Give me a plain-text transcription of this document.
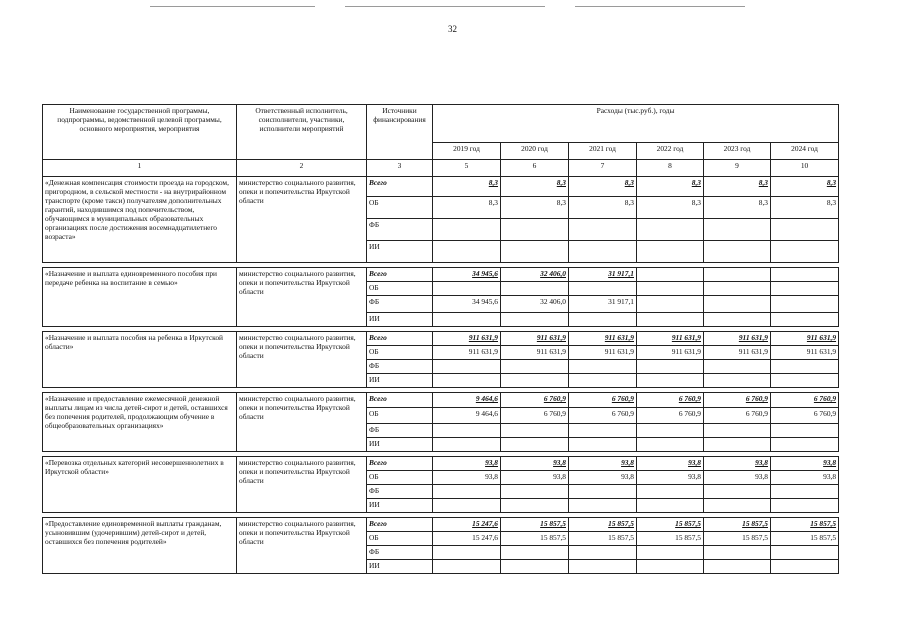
32
Наименование государственной программы, подпрограммы, ведомственной целевой программы, основного мероприятия, мероприятия	Ответственный исполнитель, соисполнители, участники, исполнители мероприятий	Источники финансирования	Расходы (тыс.руб.), годы					
			2019 год	2020 год	2021 год	2022 год	2023 год	2024 год
1	2	3	5	6	7	8	9	10
«Денежная компенсация стоимости проезда на городском, пригородном, в сельской местности - на внутрирайонном транспорте (кроме такси) получателям дополнительных гарантий, находившимся под попечительством, обучающимся в муниципальных образовательных организациях после достижения восемнадцатилетнего возраста»	министерство социального развития, опеки и попечительства Иркутской области	Всего	8,3	8,3	8,3	8,3	8,3	8,3
		ОБ	8,3	8,3	8,3	8,3	8,3	8,3
		ФБ						
		ИИ						

«Назначение и выплата единовременного пособия при передаче ребенка на воспитание в семью»	министерство социального развития, опеки и попечительства Иркутской области	Всего	34 945,6	32 406,0	31 917,1			
		ОБ						
		ФБ	34 945,6	32 406,0	31 917,1			
		ИИ						

«Назначение и выплата пособия на ребенка в Иркутской области»	министерство социального развития, опеки и попечительства Иркутской области	Всего	911 631,9	911 631,9	911 631,9	911 631,9	911 631,9	911 631,9
		ОБ	911 631,9	911 631,9	911 631,9	911 631,9	911 631,9	911 631,9
		ФБ						
		ИИ						

«Назначение и предоставление ежемесячной денежной выплаты лицам из числа детей-сирот и детей, оставшихся без попечения родителей, продолжающим обучение в общеобразовательных организациях»	министерство социального развития, опеки и попечительства Иркутской области	Всего	9 464,6	6 760,9	6 760,9	6 760,9	6 760,9	6 760,9
		ОБ	9 464,6	6 760,9	6 760,9	6 760,9	6 760,9	6 760,9
		ФБ						
		ИИ						

«Перевозка отдельных категорий несовершеннолетних в Иркутской области»	министерство социального развития, опеки и попечительства Иркутской области	Всего	93,8	93,8	93,8	93,8	93,8	93,8
		ОБ	93,8	93,8	93,8	93,8	93,8	93,8
		ФБ						
		ИИ						

«Предоставление единовременной выплаты гражданам, усыновившим (удочерившим) детей-сирот и детей, оставшихся без попечения родителей»	министерство социального развития, опеки и попечительства Иркутской области	Всего	15 247,6	15 857,5	15 857,5	15 857,5	15 857,5	15 857,5
		ОБ	15 247,6	15 857,5	15 857,5	15 857,5	15 857,5	15 857,5
		ФБ						
		ИИ						
